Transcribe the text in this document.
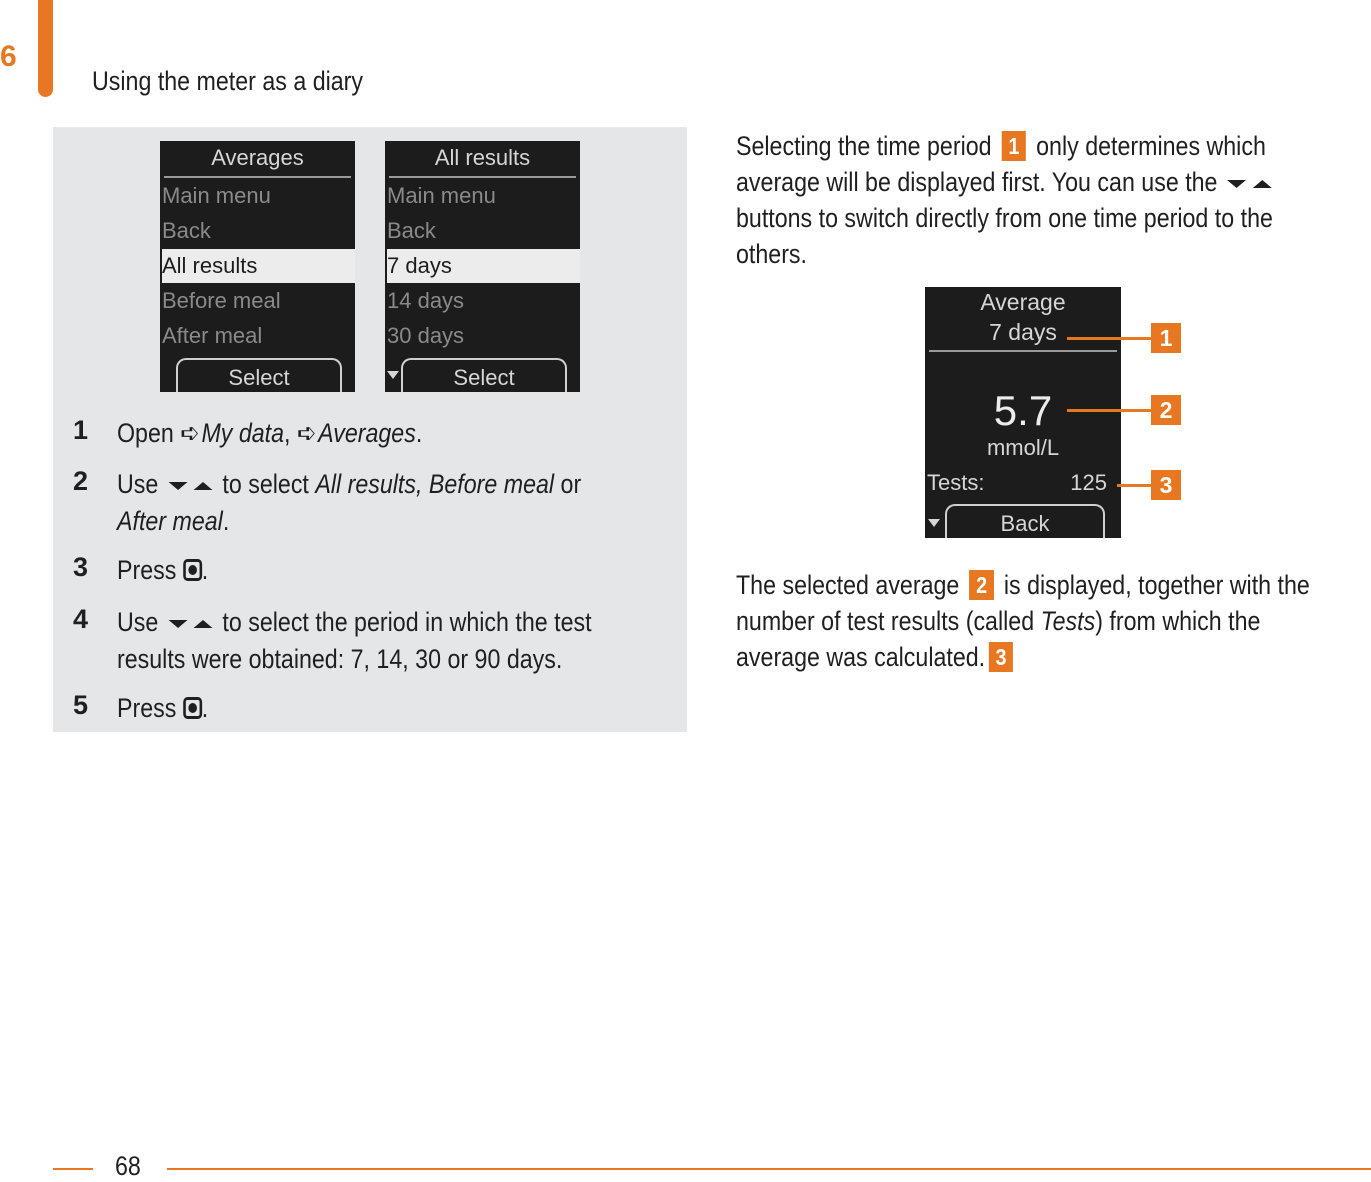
6
Using the meter as a diary
Averages
Main menu
Back
All results
Before meal
After meal
Select
All results
Main menu
Back
7 days
14 days
30 days
Select
1 Open ➪My data, ➪Averages.
2 Use to select All results, Before meal or After meal.
3 Press .
4 Use to select the period in which the test results were obtained: 7, 14, 30 or 90 days.
5 Press .
Selecting the time period 1 only determines which average will be displayed first. You can use the   buttons to switch directly from one time period to the others.
Average
7 days
5.7
mmol/L
Tests:	125
Back
1
2
3
The selected average 2 is displayed, together with the number of test results (called Tests) from which the average was calculated. 3
68
